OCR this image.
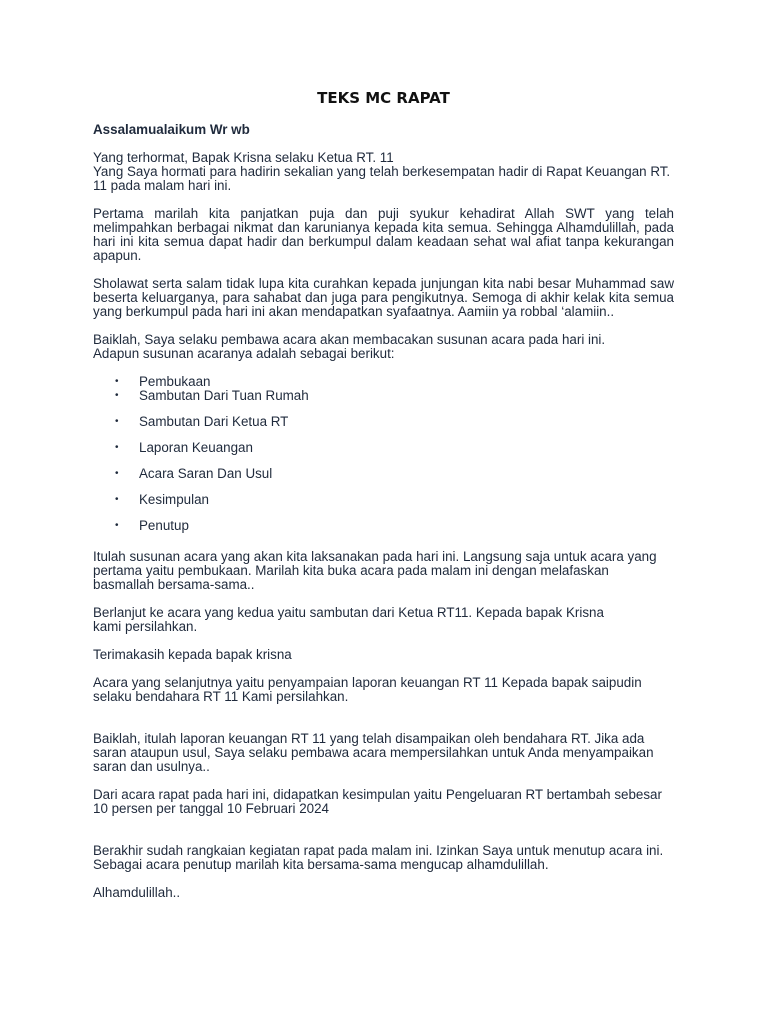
TEKS MC RAPAT

Assalamualaikum Wr wb

Yang terhormat, Bapak Krisna selaku Ketua RT. 11

Yang Saya hormati para hadirin sekalian yang telah berkesempatan hadir di Rapat Keuangan RT. 11 pada malam hari ini.

Pertama marilah kita panjatkan puja dan puji syukur kehadirat Allah SWT yang telah melimpahkan berbagai nikmat dan karunianya kepada kita semua. Sehingga Alhamdulillah, pada hari ini kita semua dapat hadir dan berkumpul dalam keadaan sehat wal afiat tanpa kekurangan apapun.

Sholawat serta salam tidak lupa kita curahkan kepada junjungan kita nabi besar Muhammad saw beserta keluarganya, para sahabat dan juga para pengikutnya. Semoga di akhir kelak kita semua yang berkumpul pada hari ini akan mendapatkan syafaatnya. Aamiin ya robbal ‘alamiin..

Baiklah, Saya selaku pembawa acara akan membacakan susunan acara pada hari ini. Adapun susunan acaranya adalah sebagai berikut:

• Pembukaan
• Sambutan Dari Tuan Rumah
• Sambutan Dari Ketua RT
• Laporan Keuangan
• Acara Saran Dan Usul
• Kesimpulan
• Penutup

Itulah susunan acara yang akan kita laksanakan pada hari ini. Langsung saja untuk acara yang pertama yaitu pembukaan. Marilah kita buka acara pada malam ini dengan melafaskan basmallah bersama-sama..

Berlanjut ke acara yang kedua yaitu sambutan dari Ketua RT11. Kepada bapak Krisna kami persilahkan.

Terimakasih kepada bapak krisna

Acara yang selanjutnya yaitu penyampaian laporan keuangan RT 11 Kepada bapak saipudin selaku bendahara RT 11 Kami persilahkan.

Baiklah, itulah laporan keuangan RT 11 yang telah disampaikan oleh bendahara RT. Jika ada saran ataupun usul, Saya selaku pembawa acara mempersilahkan untuk Anda menyampaikan saran dan usulnya..

Dari acara rapat pada hari ini, didapatkan kesimpulan yaitu Pengeluaran RT bertambah sebesar 10 persen per tanggal 10 Februari 2024

Berakhir sudah rangkaian kegiatan rapat pada malam ini. Izinkan Saya untuk menutup acara ini. Sebagai acara penutup marilah kita bersama-sama mengucap alhamdulillah.

Alhamdulillah..
